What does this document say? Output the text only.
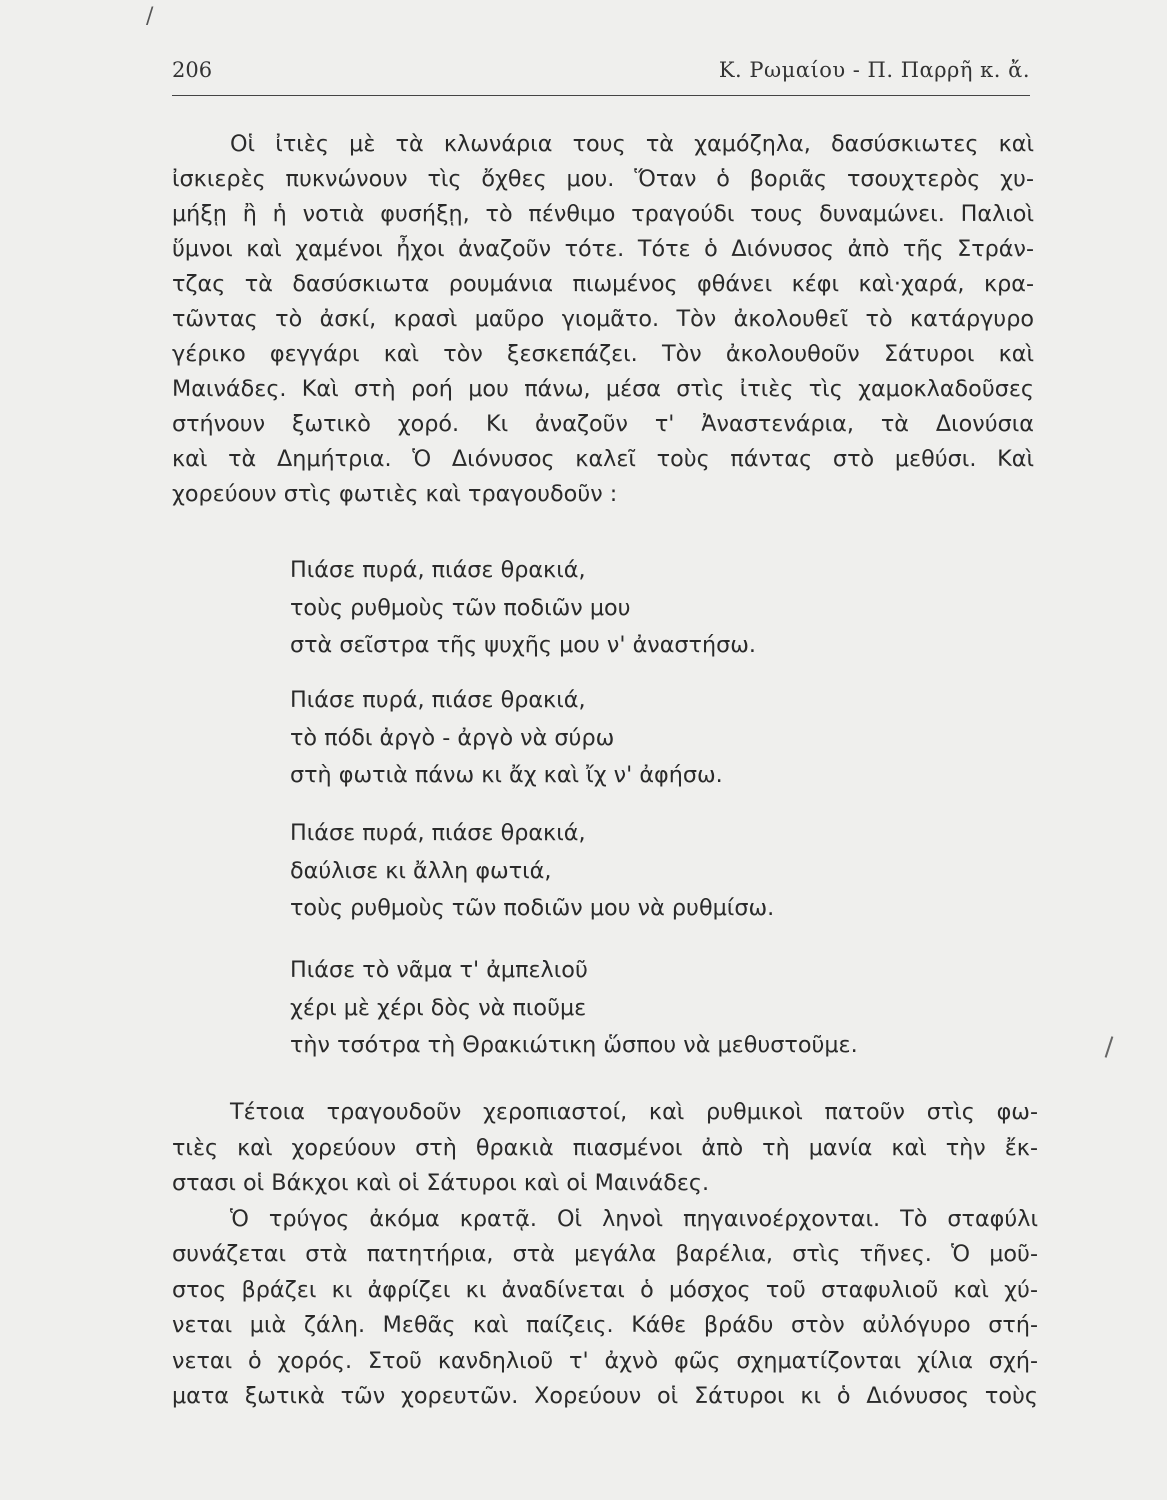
/
206	Κ. Ρωμαίου - Π. Παρρῆ κ. ἄ.
Οἱ ἰτιὲς μὲ τὰ κλωνάρια τους τὰ χαμόζηλα, δασύσκιωτες καὶ
ἰσκιερὲς πυκνώνουν τὶς ὄχθες μου. Ὅταν ὁ βοριᾶς τσουχτερὸς χυ-
μήξῃ ἢ ἡ νοτιὰ φυσήξῃ, τὸ πένθιμο τραγούδι τους δυναμώνει. Παλιοὶ
ὕμνοι καὶ χαμένοι ἦχοι ἀναζοῦν τότε. Τότε ὁ Διόνυσος ἀπὸ τῆς Στράν-
τζας τὰ δασύσκιωτα ρουμάνια πιωμένος φθάνει κέφι καὶ·χαρά, κρα-
τῶντας τὸ ἀσκί, κρασὶ μαῦρο γιομᾶτο. Τὸν ἀκολουθεῖ τὸ κατάργυρο
γέρικο φεγγάρι καὶ τὸν ξεσκεπάζει. Τὸν ἀκολουθοῦν Σάτυροι καὶ
Μαινάδες. Καὶ στὴ ροή μου πάνω, μέσα στὶς ἰτιὲς τὶς χαμοκλαδοῦσες
στήνουν ξωτικὸ χορό. Κι ἀναζοῦν τ' Ἀναστενάρια, τὰ Διονύσια
καὶ τὰ Δημήτρια. Ὁ Διόνυσος καλεῖ τοὺς πάντας στὸ μεθύσι. Καὶ
χορεύουν στὶς φωτιὲς καὶ τραγουδοῦν :
Πιάσε πυρά, πιάσε θρακιά,
τοὺς ρυθμοὺς τῶν ποδιῶν μου
στὰ σεῖστρα τῆς ψυχῆς μου ν' ἀναστήσω.
Πιάσε πυρά, πιάσε θρακιά,
τὸ πόδι ἀργὸ - ἀργὸ νὰ σύρω
στὴ φωτιὰ πάνω κι ἄχ καὶ ἴχ ν' ἀφήσω.
Πιάσε πυρά, πιάσε θρακιά,
δαύλισε κι ἄλλη φωτιά,
τοὺς ρυθμοὺς τῶν ποδιῶν μου νὰ ρυθμίσω.
Πιάσε τὸ νᾶμα τ' ἀμπελιοῦ
χέρι μὲ χέρι δὸς νὰ πιοῦμε
τὴν τσότρα τὴ Θρακιώτικη ὥσπου νὰ μεθυστοῦμε.
Τέτοια τραγουδοῦν χεροπιαστοί, καὶ ρυθμικοὶ πατοῦν στὶς φω-
τιὲς καὶ χορεύουν στὴ θρακιὰ πιασμένοι ἀπὸ τὴ μανία καὶ τὴν ἔκ-
στασι οἱ Βάκχοι καὶ οἱ Σάτυροι καὶ οἱ Μαινάδες.
Ὁ τρύγος ἀκόμα κρατᾷ. Οἱ ληνοὶ πηγαινοέρχονται. Τὸ σταφύλι
συνάζεται στὰ πατητήρια, στὰ μεγάλα βαρέλια, στὶς τῆνες. Ὁ μοῦ-
στος βράζει κι ἀφρίζει κι ἀναδίνεται ὁ μόσχος τοῦ σταφυλιοῦ καὶ χύ-
νεται μιὰ ζάλη. Μεθᾶς καὶ παίζεις. Κάθε βράδυ στὸν αὐλόγυρο στή-
νεται ὁ χορός. Στοῦ κανδηλιοῦ τ' ἀχνὸ φῶς σχηματίζονται χίλια σχή-
ματα ξωτικὰ τῶν χορευτῶν. Χορεύουν οἱ Σάτυροι κι ὁ Διόνυσος τοὺς
